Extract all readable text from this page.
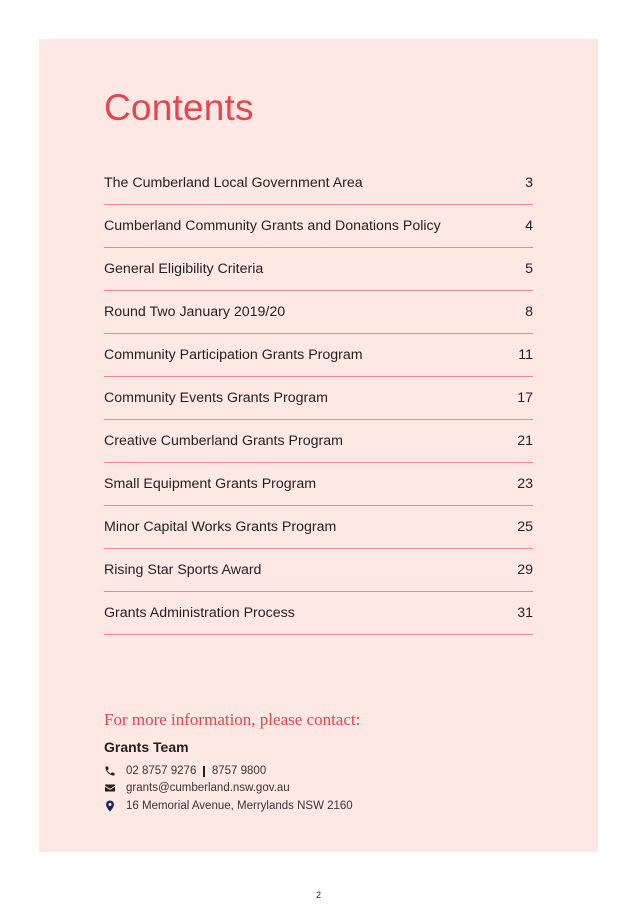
Contents
The Cumberland Local Government Area	3
Cumberland Community Grants and Donations Policy	4
General Eligibility Criteria	5
Round Two January 2019/20	8
Community Participation Grants Program	11
Community Events Grants Program	17
Creative Cumberland Grants Program	21
Small Equipment Grants Program	23
Minor Capital Works Grants Program	25
Rising Star Sports Award	29
Grants Administration Process	31
For more information, please contact:
Grants Team
02 8757 9276 8757 9800
grants@cumberland.nsw.gov.au
16 Memorial Avenue, Merrylands NSW 2160
2
